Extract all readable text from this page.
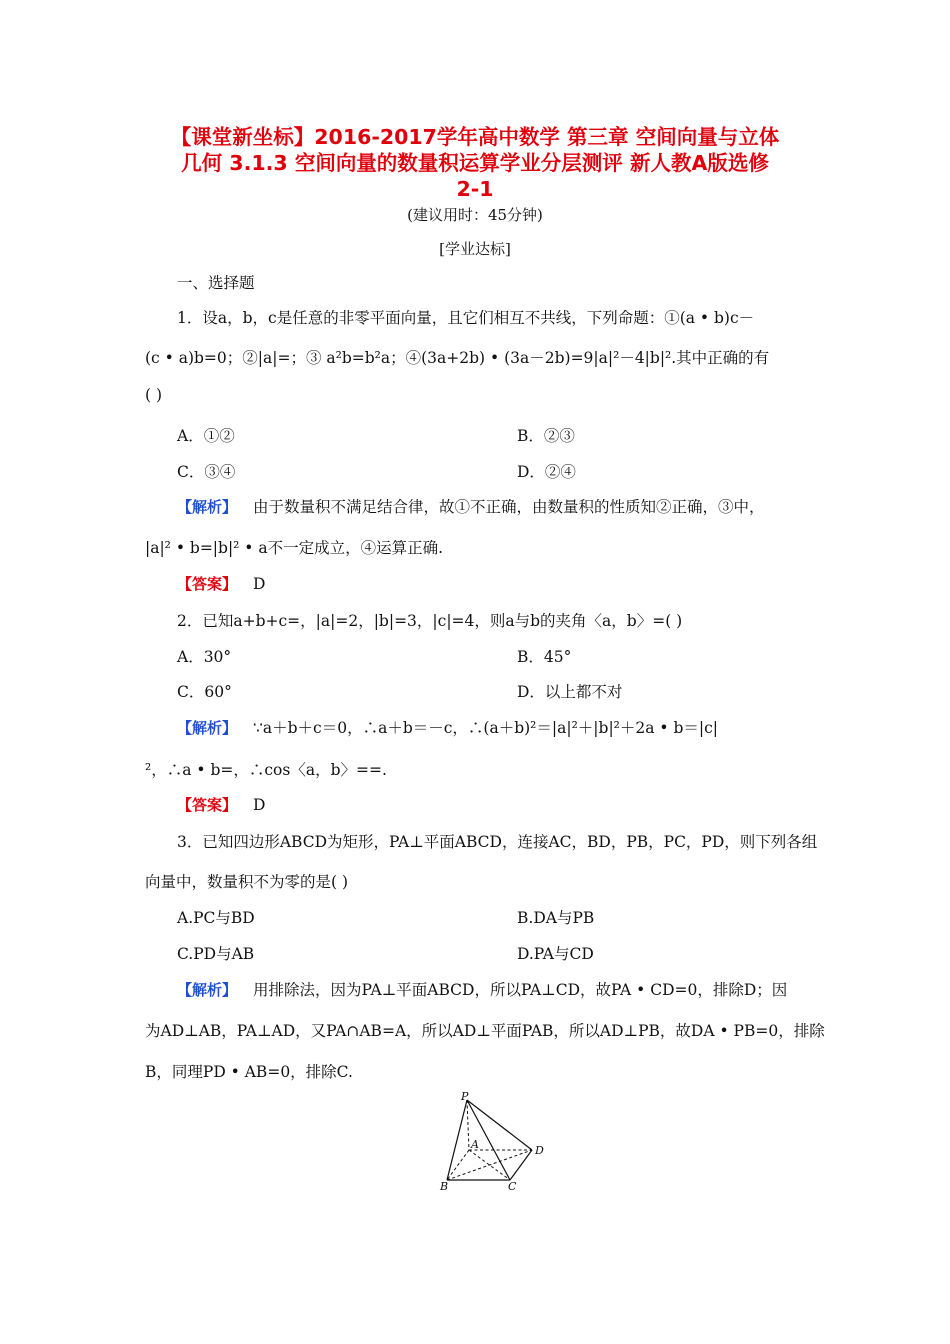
【课堂新坐标】2016-2017学年高中数学 第三章 空间向量与立体
几何 3.1.3 空间向量的数量积运算学业分层测评 新人教A版选修
2-1
(建议用时：45分钟)
[学业达标]
一、选择题
1．设a，b，c是任意的非零平面向量，且它们相互不共线，下列命题：①(a • b)c－
(c • a)b=0；②|a|=；③ a²b=b²a；④(3a+2b) • (3a－2b)=9|a|²－4|b|².其中正确的有
( )
A．①②	B．②③
C．③④	D．②④
【解析】 由于数量积不满足结合律，故①不正确，由数量积的性质知②正确，③中，
|a|² • b=|b|² • a不一定成立，④运算正确.
【答案】 D
2．已知a+b+c=，|a|=2，|b|=3，|c|=4，则a与b的夹角〈a，b〉=( )
A．30°	B．45°
C．60°	D．以上都不对
【解析】 ∵a＋b＋c＝0，∴a＋b＝－c，∴(a＋b)²＝|a|²＋|b|²＋2a • b＝|c|
²，∴a • b=，∴cos〈a，b〉==.
【答案】 D
3．已知四边形ABCD为矩形，PA⊥平面ABCD，连接AC，BD，PB，PC，PD，则下列各组
向量中，数量积不为零的是( )
A.PC与BD	B.DA与PB
C.PD与AB	D.PA与CD
【解析】 用排除法，因为PA⊥平面ABCD，所以PA⊥CD，故PA • CD=0，排除D；因
为AD⊥AB，PA⊥AD，又PA∩AB=A，所以AD⊥平面PAB，所以AD⊥PB，故DA • PB=0，排除
B，同理PD • AB=0，排除C.
P
A
B	C
D
